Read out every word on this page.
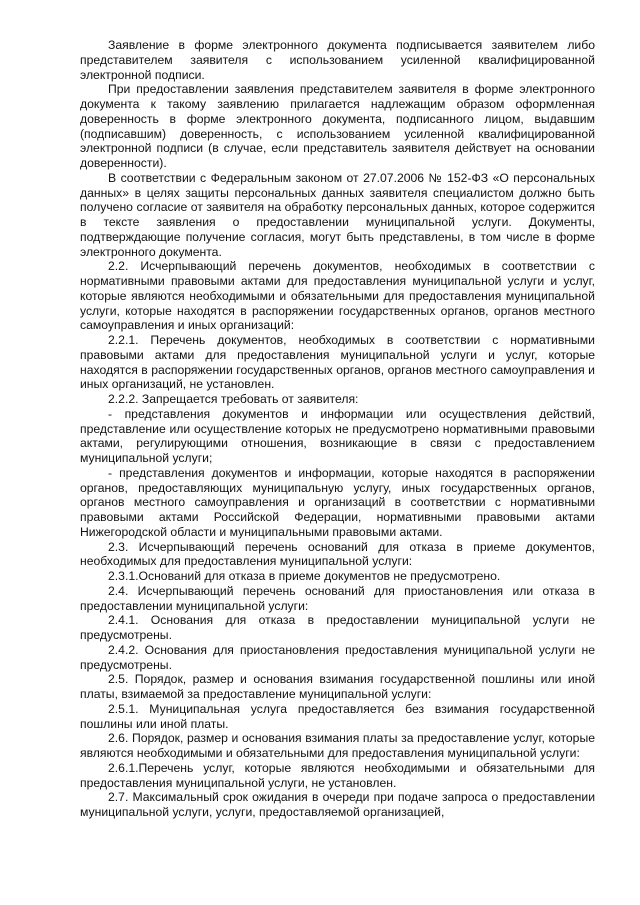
Заявление в форме электронного документа подписывается заявителем либо представителем заявителя с использованием усиленной квалифицированной электронной подписи.

При предоставлении заявления представителем заявителя в форме электронного документа к такому заявлению прилагается надлежащим образом оформленная доверенность в форме электронного документа, подписанного лицом, выдавшим (подписавшим) доверенность, с использованием усиленной квалифицированной электронной подписи (в случае, если представитель заявителя действует на основании доверенности).

В соответствии с Федеральным законом от 27.07.2006 № 152-ФЗ «О персональных данных» в целях защиты персональных данных заявителя специалистом должно быть получено согласие от заявителя на обработку персональных данных, которое содержится в тексте заявления о предоставлении муниципальной услуги. Документы, подтверждающие получение согласия, могут быть представлены, в том числе в форме электронного документа.

2.2. Исчерпывающий перечень документов, необходимых в соответствии с нормативными правовыми актами для предоставления муниципальной услуги и услуг, которые являются необходимыми и обязательными для предоставления муниципальной услуги, которые находятся в распоряжении государственных органов, органов местного самоуправления и иных организаций:

2.2.1. Перечень документов, необходимых в соответствии с нормативными правовыми актами для предоставления муниципальной услуги и услуг, которые находятся в распоряжении государственных органов, органов местного самоуправления и иных организаций, не установлен.

2.2.2. Запрещается требовать от заявителя:

- представления документов и информации или осуществления действий, представление или осуществление которых не предусмотрено нормативными правовыми актами, регулирующими отношения, возникающие в связи с предоставлением муниципальной услуги;

- представления документов и информации, которые находятся в распоряжении органов, предоставляющих муниципальную услугу, иных государственных органов, органов местного самоуправления и организаций в соответствии с нормативными правовыми актами Российской Федерации, нормативными правовыми актами Нижегородской области и муниципальными правовыми актами.

2.3. Исчерпывающий перечень оснований для отказа в приеме документов, необходимых для предоставления муниципальной услуги:

2.3.1.Оснований для отказа в приеме документов не предусмотрено.

2.4. Исчерпывающий перечень оснований для приостановления или отказа в предоставлении муниципальной услуги:

2.4.1. Основания для отказа в предоставлении муниципальной услуги не предусмотрены.

2.4.2. Основания для приостановления предоставления муниципальной услуги не предусмотрены.

2.5. Порядок, размер и основания взимания государственной пошлины или иной платы, взимаемой за предоставление муниципальной услуги:

2.5.1. Муниципальная услуга предоставляется без взимания государственной пошлины или иной платы.

2.6. Порядок, размер и основания взимания платы за предоставление услуг, которые являются необходимыми и обязательными для предоставления муниципальной услуги:

2.6.1.Перечень услуг, которые являются необходимыми и обязательными для предоставления муниципальной услуги, не установлен.

2.7. Максимальный срок ожидания в очереди при подаче запроса о предоставлении муниципальной услуги, услуги, предоставляемой организацией,
